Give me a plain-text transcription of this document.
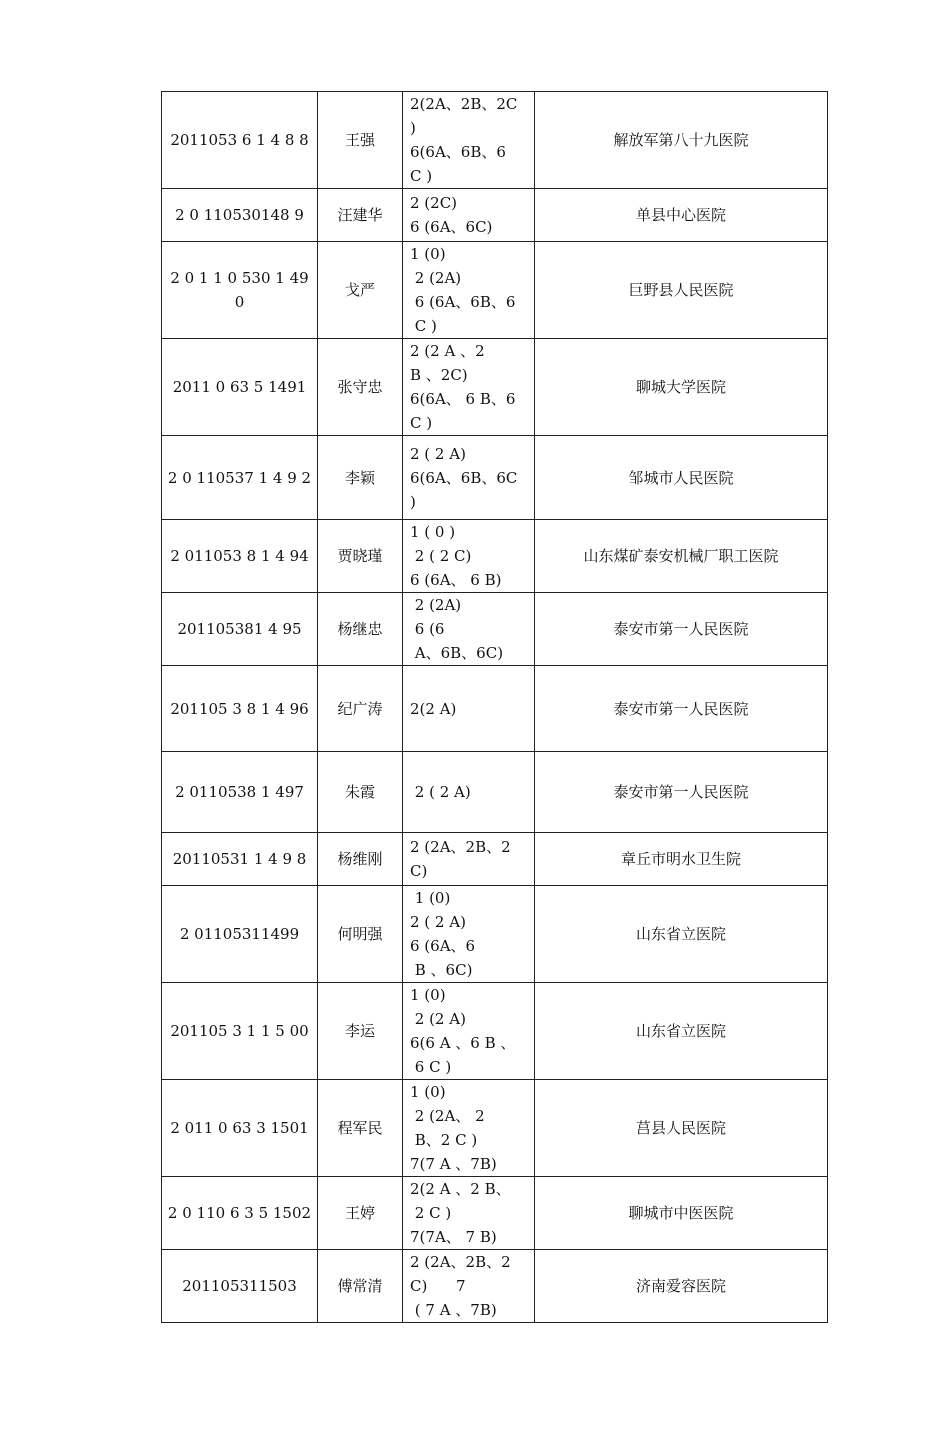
2011053 6 1 4 8 8	王强	2(2A、2B、2C
)
6(6A、6B、6
C )	解放军第八十九医院
2 0 110530148 9	汪建华	2 (2C)
6 (6A、6C)	单县中心医院
2 0 1 1 0 530 1 490	戈严	1 (0)
2 (2A)
6 (6A、6B、6
C )	巨野县人民医院
2011 0 63 5 1491	张守忠	2 (2 A 、2
B 、2C)
6(6A、 6 B、6
C )	聊城大学医院
2 0 110537 1 4 9 2	李颖	2 ( 2 A)
6(6A、6B、6C
)	邹城市人民医院
2 011053 8 1 4 94	贾晓瑾	1 ( 0 )
2 ( 2 C)
6 (6A、 6 B)	山东煤矿泰安机械厂职工医院
201105381 4 95	杨继忠	2 (2A)
6 (6
A、6B、6C)	泰安市第一人民医院
201105 3 8 1 4 96	纪广涛	2(2 A)	泰安市第一人民医院
2 0110538 1 497	朱霞	2 ( 2 A)	泰安市第一人民医院
20110531 1 4 9 8	杨维刚	2 (2A、2B、2
C)	章丘市明水卫生院
2 01105311499	何明强	1 (0)
2 ( 2 A)
6 (6A、6
B 、6C)	山东省立医院
201105 3 1 1 5 00	李运	1 (0)
2 (2 A)
6(6 A 、6 B 、
6 C )	山东省立医院
2 011 0 63 3 1501	程军民	1 (0)
2 (2A、 2
B、2 C )
7(7 A 、7B)	莒县人民医院
2 0 110 6 3 5 1502	王婷	2(2 A 、2 B、
2 C )
7(7A、 7 B)	聊城市中医医院
201105311503	傅常清	2 (2A、2B、2
C)      7
( 7 A 、7B)	济南爱容医院
